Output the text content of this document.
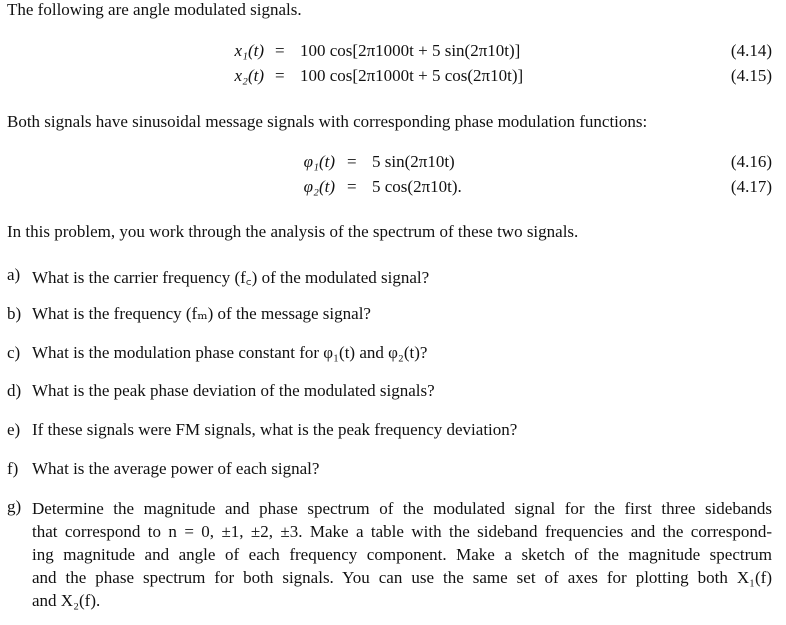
The following are angle modulated signals.
x₁(t) = 100 cos[2π1000t + 5 sin(2π10t)]	(4.14)
x₂(t) = 100 cos[2π1000t + 5 cos(2π10t)]	(4.15)
Both signals have sinusoidal message signals with corresponding phase modulation functions:
φ₁(t) = 5 sin(2π10t)	(4.16)
φ₂(t) = 5 cos(2π10t).	(4.17)
In this problem, you work through the analysis of the spectrum of these two signals.
a) What is the carrier frequency (f꜀) of the modulated signal?
b) What is the frequency (fₘ) of the message signal?
c) What is the modulation phase constant for φ₁(t) and φ₂(t)?
d) What is the peak phase deviation of the modulated signals?
e) If these signals were FM signals, what is the peak frequency deviation?
f) What is the average power of each signal?
g) Determine the magnitude and phase spectrum of the modulated signal for the first three sidebands
that correspond to n = 0, ±1, ±2, ±3. Make a table with the sideband frequencies and the correspond-
ing magnitude and angle of each frequency component. Make a sketch of the magnitude spectrum
and the phase spectrum for both signals. You can use the same set of axes for plotting both X₁(f)
and X₂(f).
